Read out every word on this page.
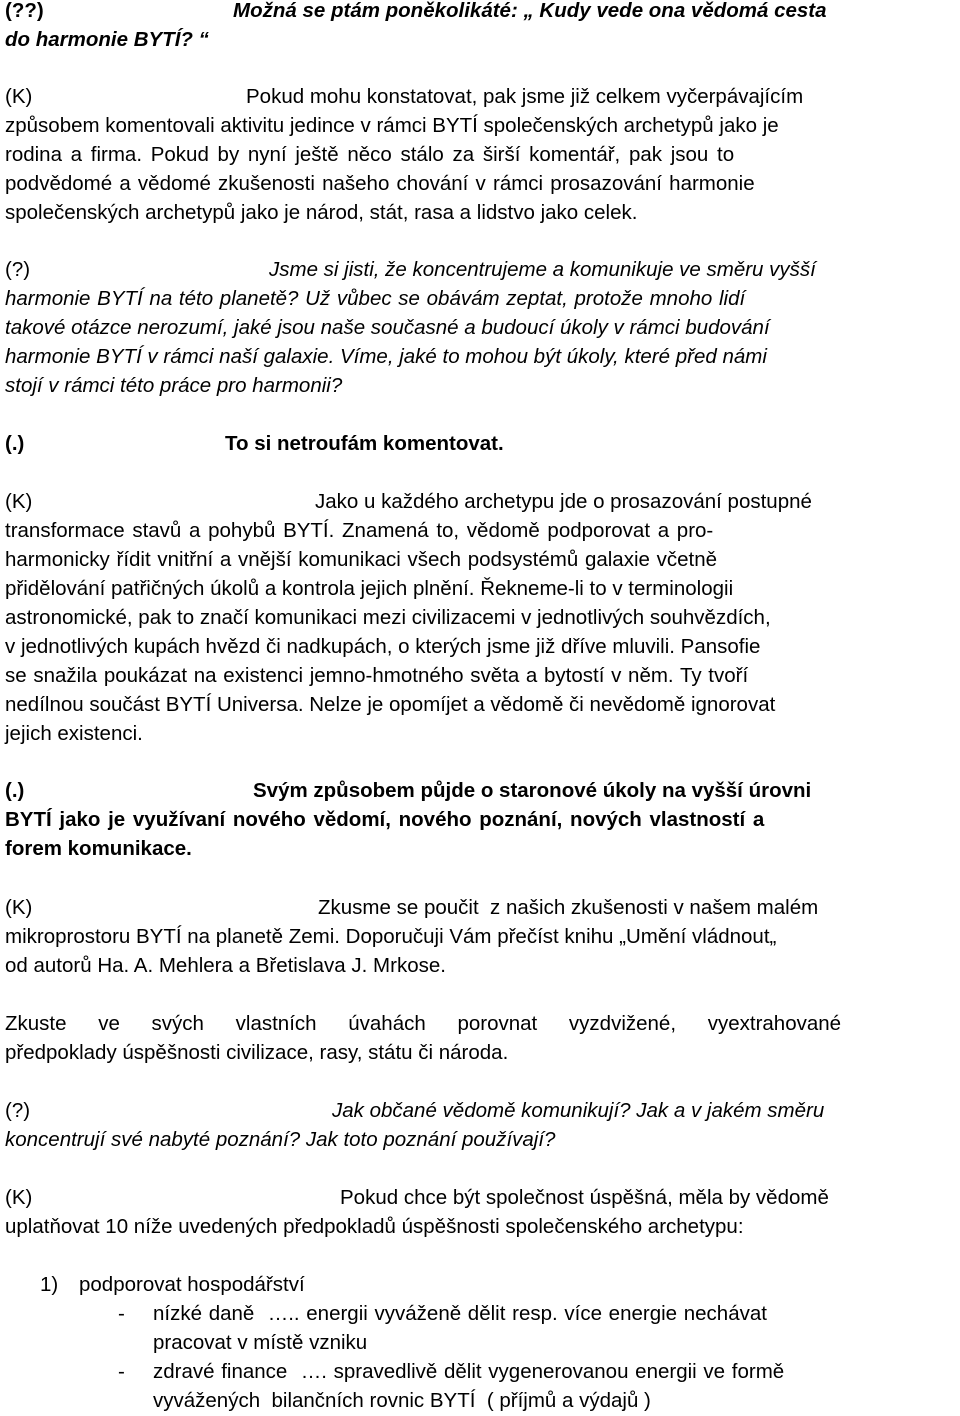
(??)	Možná se ptám poněkolikáté: „ Kudy vede ona vědomá cesta
do harmonie BYTÍ? “
(K)	Pokud mohu konstatovat, pak jsme již celkem vyčerpávajícím
způsobem komentovali aktivitu jedince v rámci BYTÍ společenských archetypů jako je
rodina a firma. Pokud by nyní ještě něco stálo za širší komentář, pak jsou to
podvědomé a vědomé zkušenosti našeho chování v rámci prosazování harmonie
společenských archetypů jako je národ, stát, rasa a lidstvo jako celek.
(?)	Jsme si jisti, že koncentrujeme a komunikuje ve směru vyšší
harmonie BYTÍ na této planetě? Už vůbec se obávám zeptat, protože mnoho lidí
takové otázce nerozumí, jaké jsou naše současné a budoucí úkoly v rámci budování
harmonie BYTÍ v rámci naší galaxie. Víme, jaké to mohou být úkoly, které před námi
stojí v rámci této práce pro harmonii?
(.)	To si netroufám komentovat.
(K)	Jako u každého archetypu jde o prosazování postupné
transformace stavů a pohybů BYTÍ. Znamená to, vědomě podporovat a pro-
harmonicky řídit vnitřní a vnější komunikaci všech podsystémů galaxie včetně
přidělování patřičných úkolů a kontrola jejich plnění. Řekneme-li to v terminologii
astronomické, pak to značí komunikaci mezi civilizacemi v jednotlivých souhvězdích,
v jednotlivých kupách hvězd či nadkupách, o kterých jsme již dříve mluvili. Pansofie
se snažila poukázat na existenci jemno-hmotného světa a bytostí v něm. Ty tvoří
nedílnou součást BYTÍ Universa. Nelze je opomíjet a vědomě či nevědomě ignorovat
jejich existenci.
(.)	Svým způsobem půjde o staronové úkoly na vyšší úrovni
BYTÍ jako je využívaní nového vědomí, nového poznání, nových vlastností a
forem komunikace.
(K)	Zkusme se poučit  z našich zkušenosti v našem malém
mikroprostoru BYTÍ na planetě Zemi. Doporučuji Vám přečíst knihu „Umění vládnout„
od autorů Ha. A. Mehlera a Břetislava J. Mrkose.
Zkuste ve svých vlastních úvahách porovnat vyzdvižené, vyextrahované
předpoklady úspěšnosti civilizace, rasy, státu či národa.
(?)	Jak občané vědomě komunikují? Jak a v jakém směru
koncentrují své nabyté poznání? Jak toto poznání používají?
(K)	Pokud chce být společnost úspěšná, měla by vědomě
uplatňovat 10 níže uvedených předpokladů úspěšnosti společenského archetypu:
1) podporovat hospodářství
- nízké daně  ….. energii vyváženě dělit resp. více energie nechávat
pracovat v místě vzniku
- zdravé finance  …. spravedlivě dělit vygenerovanou energii ve formě
vyvážených  bilančních rovnic BYTÍ  ( příjmů a výdajů )
